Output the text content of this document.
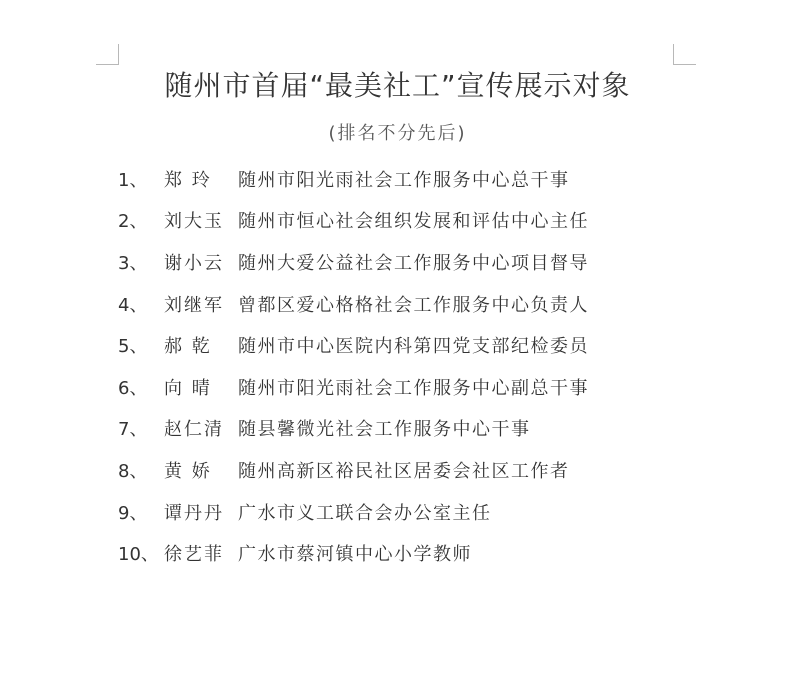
随州市首届“最美社工”宣传展示对象
(排名不分先后)
1、 郑 玲	随州市阳光雨社会工作服务中心总干事
2、 刘大玉 随州市恒心社会组织发展和评估中心主任
3、 谢小云 随州大爱公益社会工作服务中心项目督导
4、 刘继军 曾都区爱心格格社会工作服务中心负责人
5、 郝 乾	随州市中心医院内科第四党支部纪检委员
6、 向 晴	随州市阳光雨社会工作服务中心副总干事
7、 赵仁清 随县馨微光社会工作服务中心干事
8、 黄 娇	随州高新区裕民社区居委会社区工作者
9、 谭丹丹 广水市义工联合会办公室主任
10、 徐艺菲 广水市蔡河镇中心小学教师
